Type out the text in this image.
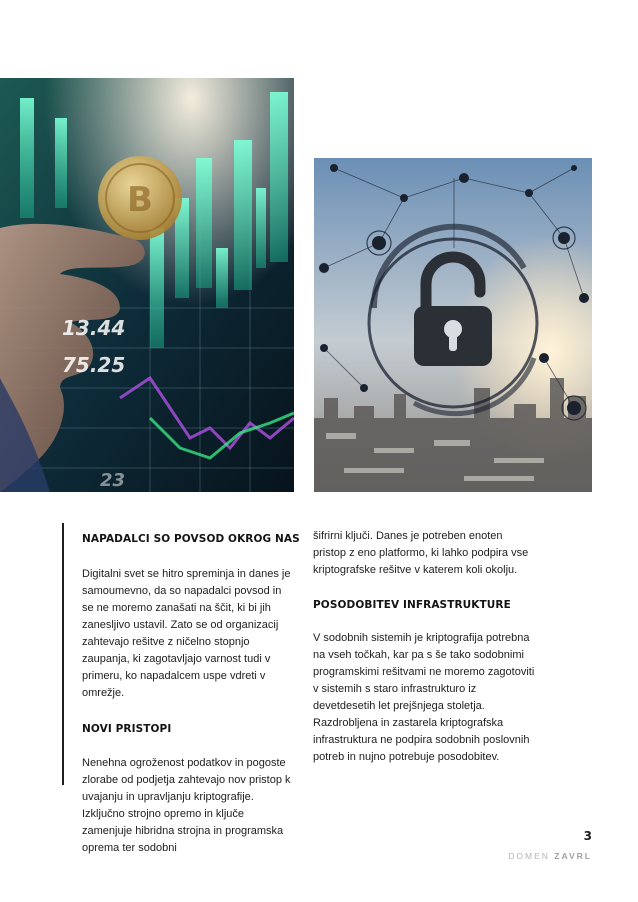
B
13.44
75.25
23
NAPADALCI SO POVSOD OKROG NAS

Digitalni svet se hitro spreminja in danes je samoumevno, da so napadalci povsod in se ne moremo zanašati na ščit, ki bi jih zanesljivo ustavil. Zato se od organizacij zahtevajo rešitve z ničelno stopnjo zaupanja, ki zagotavljajo varnost tudi v primeru, ko napadalcem uspe vdreti v omrežje.

NOVI PRISTOPI

Nenehna ogroženost podatkov in pogoste zlorabe od podjetja zahtevajo nov pristop k uvajanju in upravljanju kriptografije. Izključno strojno opremo in ključe zamenjuje hibridna strojna in programska oprema ter sodobni

šifrirni ključi. Danes je potreben enoten pristop z eno platformo, ki lahko podpira vse kriptografske rešitve v katerem koli okolju.

POSODOBITEV INFRASTRUKTURE

V sodobnih sistemih je kriptografija potrebna na vseh točkah, kar pa s še tako sodobnimi programskimi rešitvami ne moremo zagotoviti v sistemih s staro infrastrukturo iz devetdesetih let prejšnjega stoletja. Razdrobljena in zastarela kriptografska infrastruktura ne podpira sodobnih poslovnih potreb in nujno potrebuje posodobitev.

3
DOMEN ZAVRL
